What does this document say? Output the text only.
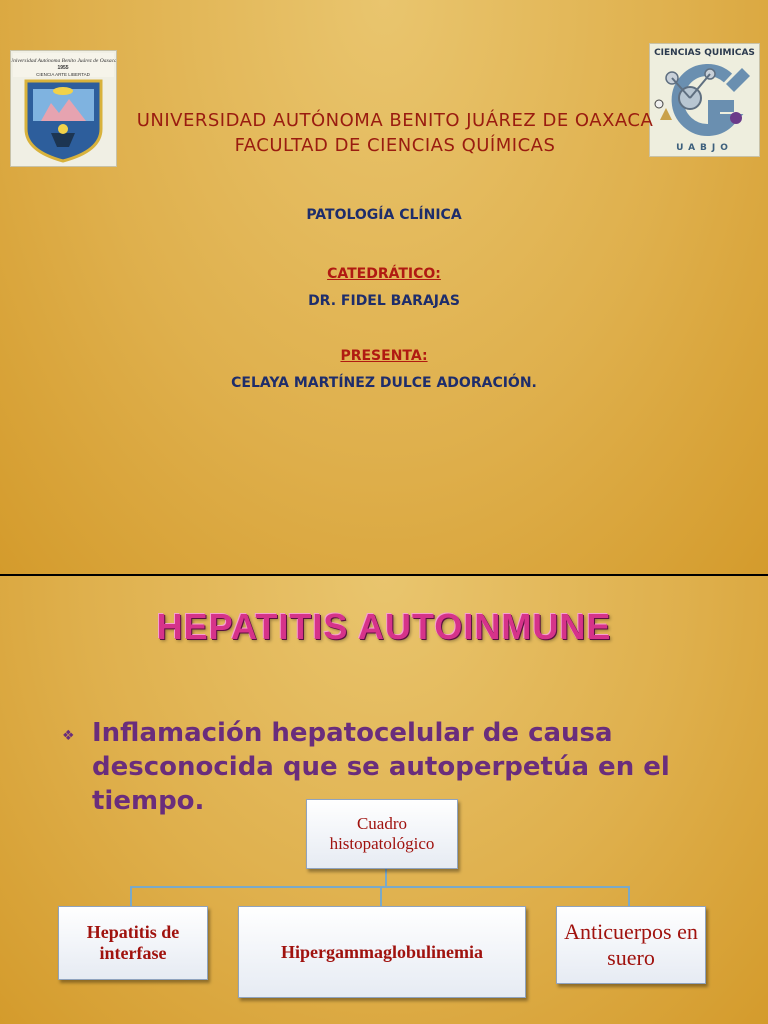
Universidad Autónoma Benito Juárez de Oaxaca
1955
CIENCIA ARTE LIBERTAD
CIENCIAS QUIMICAS
UABJO
UNIVERSIDAD AUTÓNOMA BENITO JUÁREZ DE OAXACA
FACULTAD DE CIENCIAS QUÍMICAS
PATOLOGÍA CLÍNICA
CATEDRÁTICO:
DR. FIDEL BARAJAS
PRESENTA:
CELAYA MARTÍNEZ DULCE ADORACIÓN.
HEPATITIS AUTOINMUNE
❖ Inflamación hepatocelular de causa desconocida que se autoperpetúa en el tiempo.
Cuadro histopatológico
Hepatitis de interfase	Hipergammaglobulinemia
Anticuerpos en suero
